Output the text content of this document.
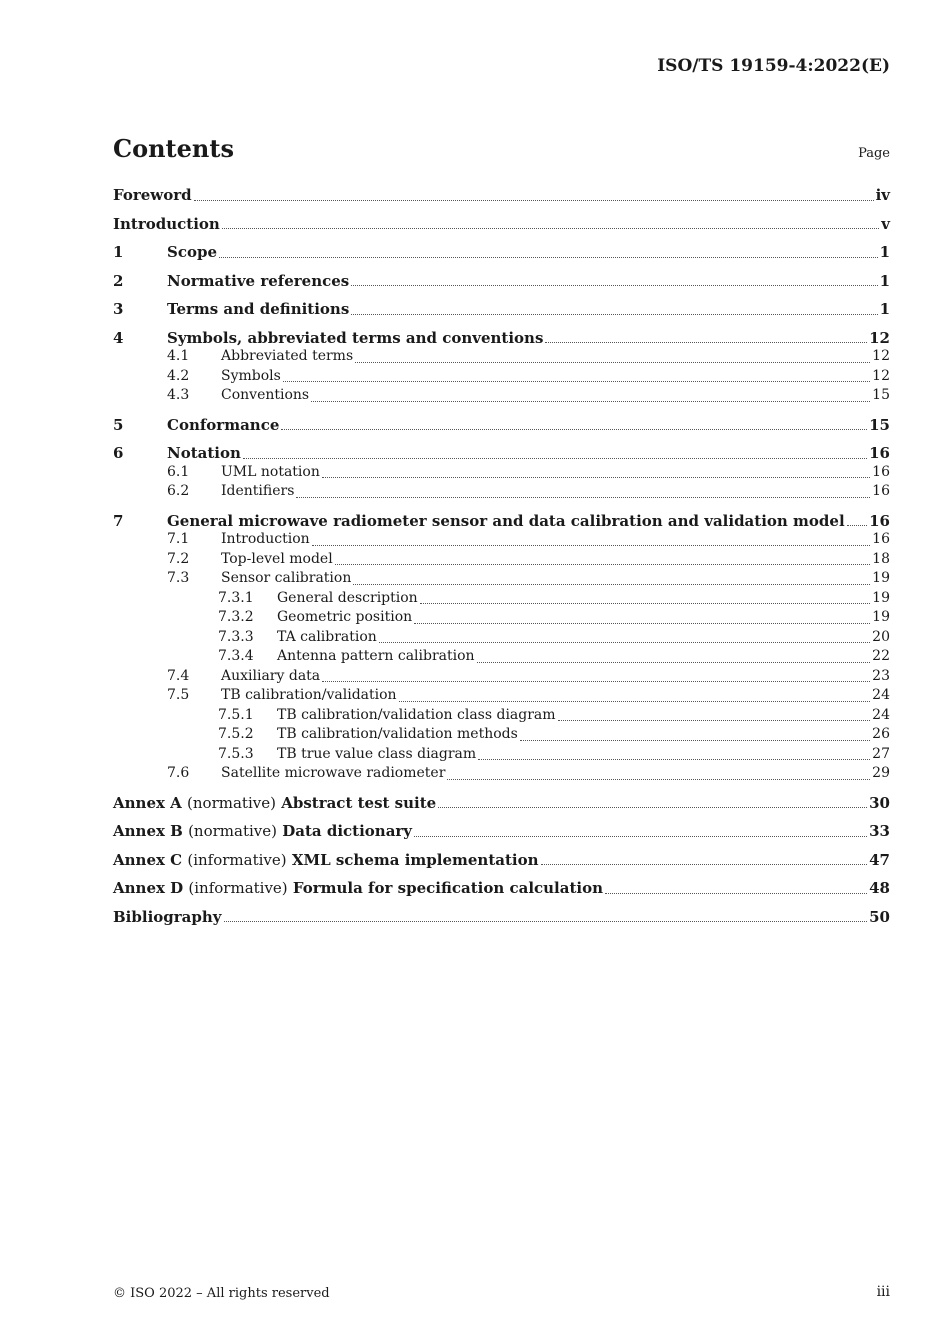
ISO/TS 19159-4:2022(E)
Contents	Page
Foreword	iv
Introduction	v
1	Scope	1
2	Normative references	1
3	Terms and definitions	1
4	Symbols, abbreviated terms and conventions	12
4.1	Abbreviated terms	12
4.2	Symbols	12
4.3	Conventions	15
5	Conformance	15
6	Notation	16
6.1	UML notation	16
6.2	Identifiers	16
7	General microwave radiometer sensor and data calibration and validation model 16
7.1	Introduction	16
7.2	Top-level model	18
7.3	Sensor calibration	19
7.3.1	General description	19
7.3.2	Geometric position	19
7.3.3	TA calibration	20
7.3.4	Antenna pattern calibration	22
7.4	Auxiliary data	23
7.5	TB calibration/validation	24
7.5.1	TB calibration/validation class diagram	24
7.5.2	TB calibration/validation methods	26
7.5.3	TB true value class diagram	27
7.6	Satellite microwave radiometer	29
Annex A (normative) Abstract test suite	30
Annex B (normative) Data dictionary	33
Annex C (informative) XML schema implementation	47
Annex D (informative) Formula for specification calculation	48
Bibliography	50
© ISO 2022 – All rights reserved	iii
